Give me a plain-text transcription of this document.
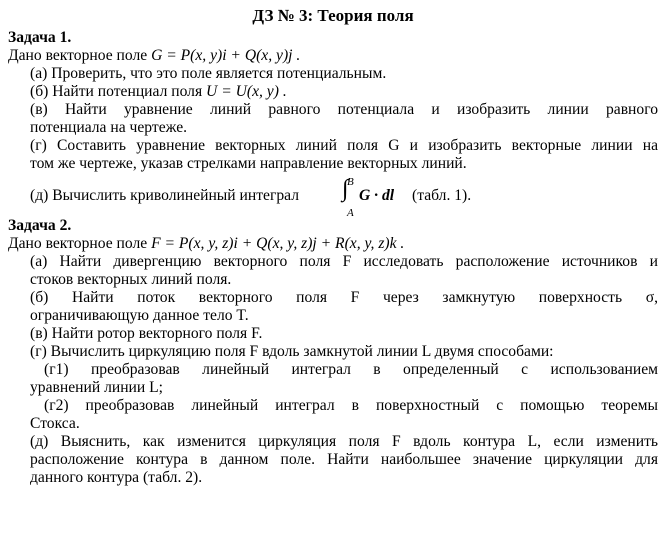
ДЗ № 3: Теория поля
Задача 1.
Дано векторное поле G = P(x, y)i + Q(x, y)j .
(а) Проверить, что это поле является потенциальным.
(б) Найти потенциал поля U = U(x, y) .
(в) Найти уравнение линий равного потенциала и изобразить линии равного
потенциала на чертеже.
(г) Составить уравнение векторных линий поля G и изобразить векторные линии на
том же чертеже, указав стрелками направление векторных линий.
(д) Вычислить криволинейный интеграл
B
∫
A
G · dl (табл. 1).
Задача 2.
Дано векторное поле F = P(x, y, z)i + Q(x, y, z)j + R(x, y, z)k .
(а) Найти дивергенцию векторного поля F исследовать расположение источников и
стоков векторных линий поля.
(б) Найти поток векторного поля F через замкнутую поверхность σ,
ограничивающую данное тело T.
(в) Найти ротор векторного поля F.
(г) Вычислить циркуляцию поля F вдоль замкнутой линии L двумя способами:
(г1) преобразовав линейный интеграл в определенный с использованием
уравнений линии L;
(г2) преобразовав линейный интеграл в поверхностный с помощью теоремы
Стокса.
(д) Выяснить, как изменится циркуляция поля F вдоль контура L, если изменить
расположение контура в данном поле. Найти наибольшее значение циркуляции для
данного контура (табл. 2).
